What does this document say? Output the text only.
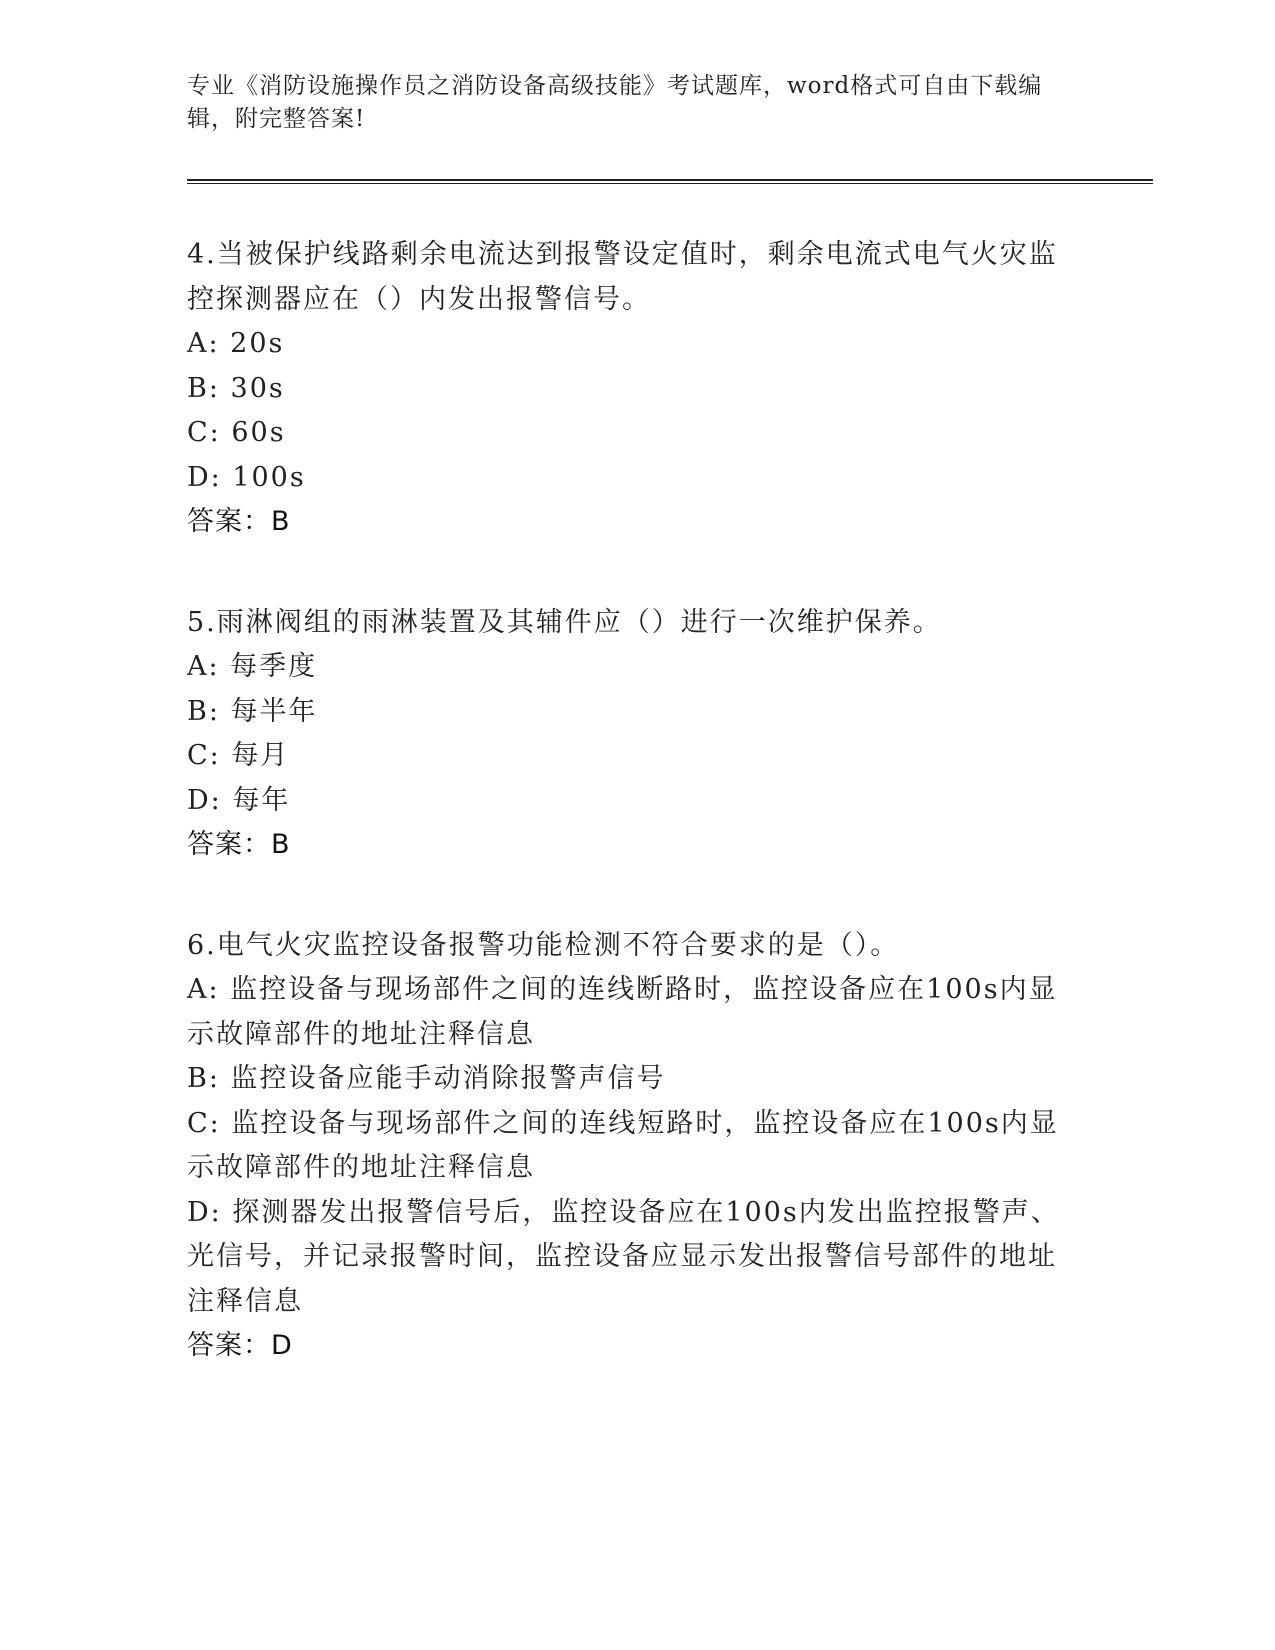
专业《消防设施操作员之消防设备高级技能》考试题库，word格式可自由下载编辑，附完整答案!
4.当被保护线路剩余电流达到报警设定值时，剩余电流式电气火灾监控探测器应在（）内发出报警信号。
A: 20s
B: 30s
C: 60s
D: 100s
答案：B
5.雨淋阀组的雨淋装置及其辅件应（）进行一次维护保养。
A: 每季度
B: 每半年
C: 每月
D: 每年
答案：B
6.电气火灾监控设备报警功能检测不符合要求的是（）。
A: 监控设备与现场部件之间的连线断路时，监控设备应在100s内显示故障部件的地址注释信息
B: 监控设备应能手动消除报警声信号
C: 监控设备与现场部件之间的连线短路时，监控设备应在100s内显示故障部件的地址注释信息
D: 探测器发出报警信号后，监控设备应在100s内发出监控报警声、光信号，并记录报警时间，监控设备应显示发出报警信号部件的地址注释信息
答案：D
